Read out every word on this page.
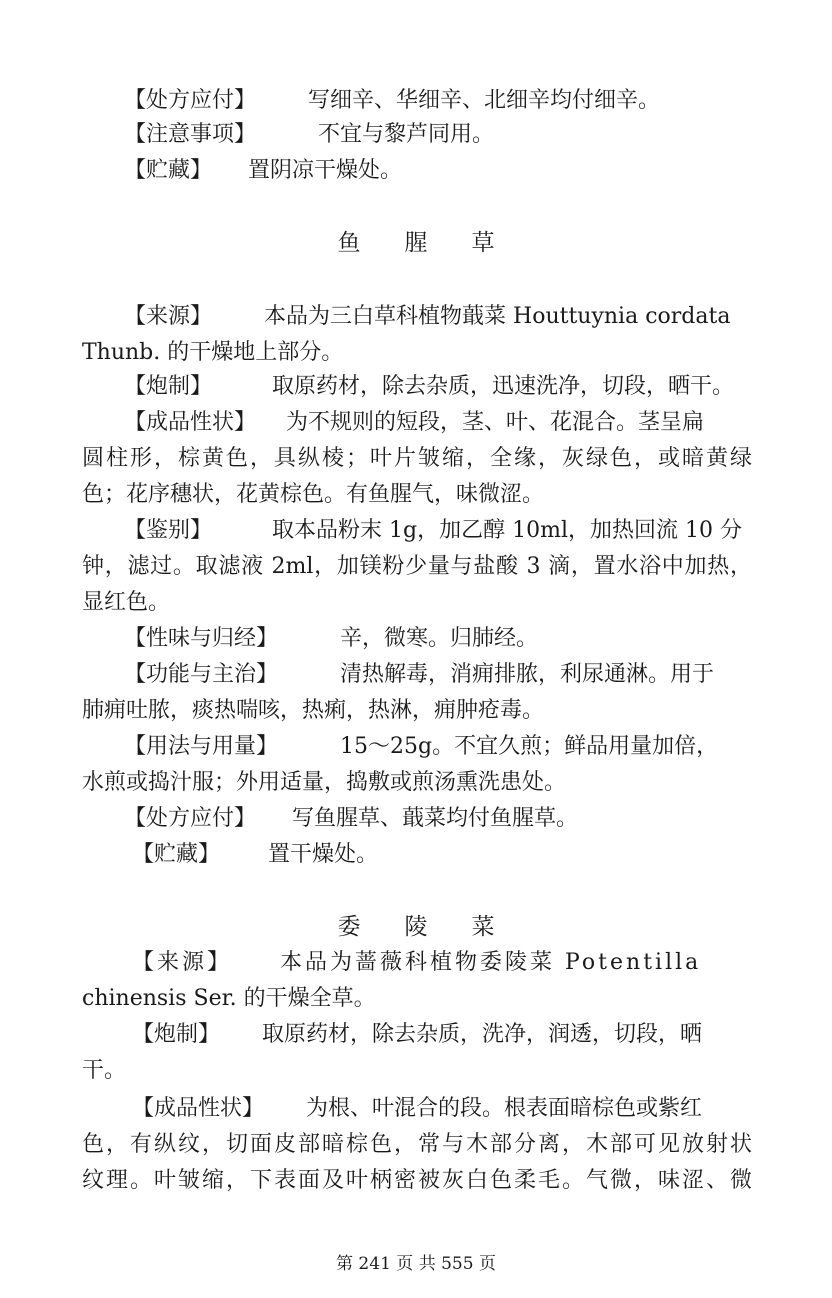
【处方应付】 写细辛、华细辛、北细辛均付细辛。
【注意事项】	不宜与黎芦同用。
【贮藏】 置阴凉干燥处。
鱼 腥 草
【来源】 本品为三白草科植物蕺菜 Houttuynia cordata
Thunb. 的干燥地上部分。
【炮制】	取原药材，除去杂质，迅速洗净，切段，晒干。
【成品性状】 为不规则的短段，茎、叶、花混合。茎呈扁
圆柱形，棕黄色，具纵棱；叶片皱缩，全缘，灰绿色，或暗黄绿
色；花序穗状，花黄棕色。有鱼腥气，味微涩。
【鉴别】	取本品粉末 1g，加乙醇 10ml，加热回流 10 分
钟，滤过。取滤液 2ml，加镁粉少量与盐酸 3 滴，置水浴中加热，
显红色。
【性味与归经】	辛，微寒。归肺经。
【功能与主治】	清热解毒，消痈排脓，利尿通淋。用于
肺痈吐脓，痰热喘咳，热痢，热淋，痈肿疮毒。
【用法与用量】	15～25g。不宜久煎；鲜品用量加倍，
水煎或捣汁服；外用适量，捣敷或煎汤熏洗患处。
【处方应付】 写鱼腥草、蕺菜均付鱼腥草。
【贮藏】 置干燥处。
委 陵 菜
【来源】 本品为蔷薇科植物委陵菜 Potentilla
chinensis Ser. 的干燥全草。
【炮制】 取原药材，除去杂质，洗净，润透，切段，晒
干。
【成品性状】 为根、叶混合的段。根表面暗棕色或紫红
色，有纵纹，切面皮部暗棕色，常与木部分离，木部可见放射状
纹理。叶皱缩，下表面及叶柄密被灰白色柔毛。气微，味涩、微
第 241 页 共 555 页
